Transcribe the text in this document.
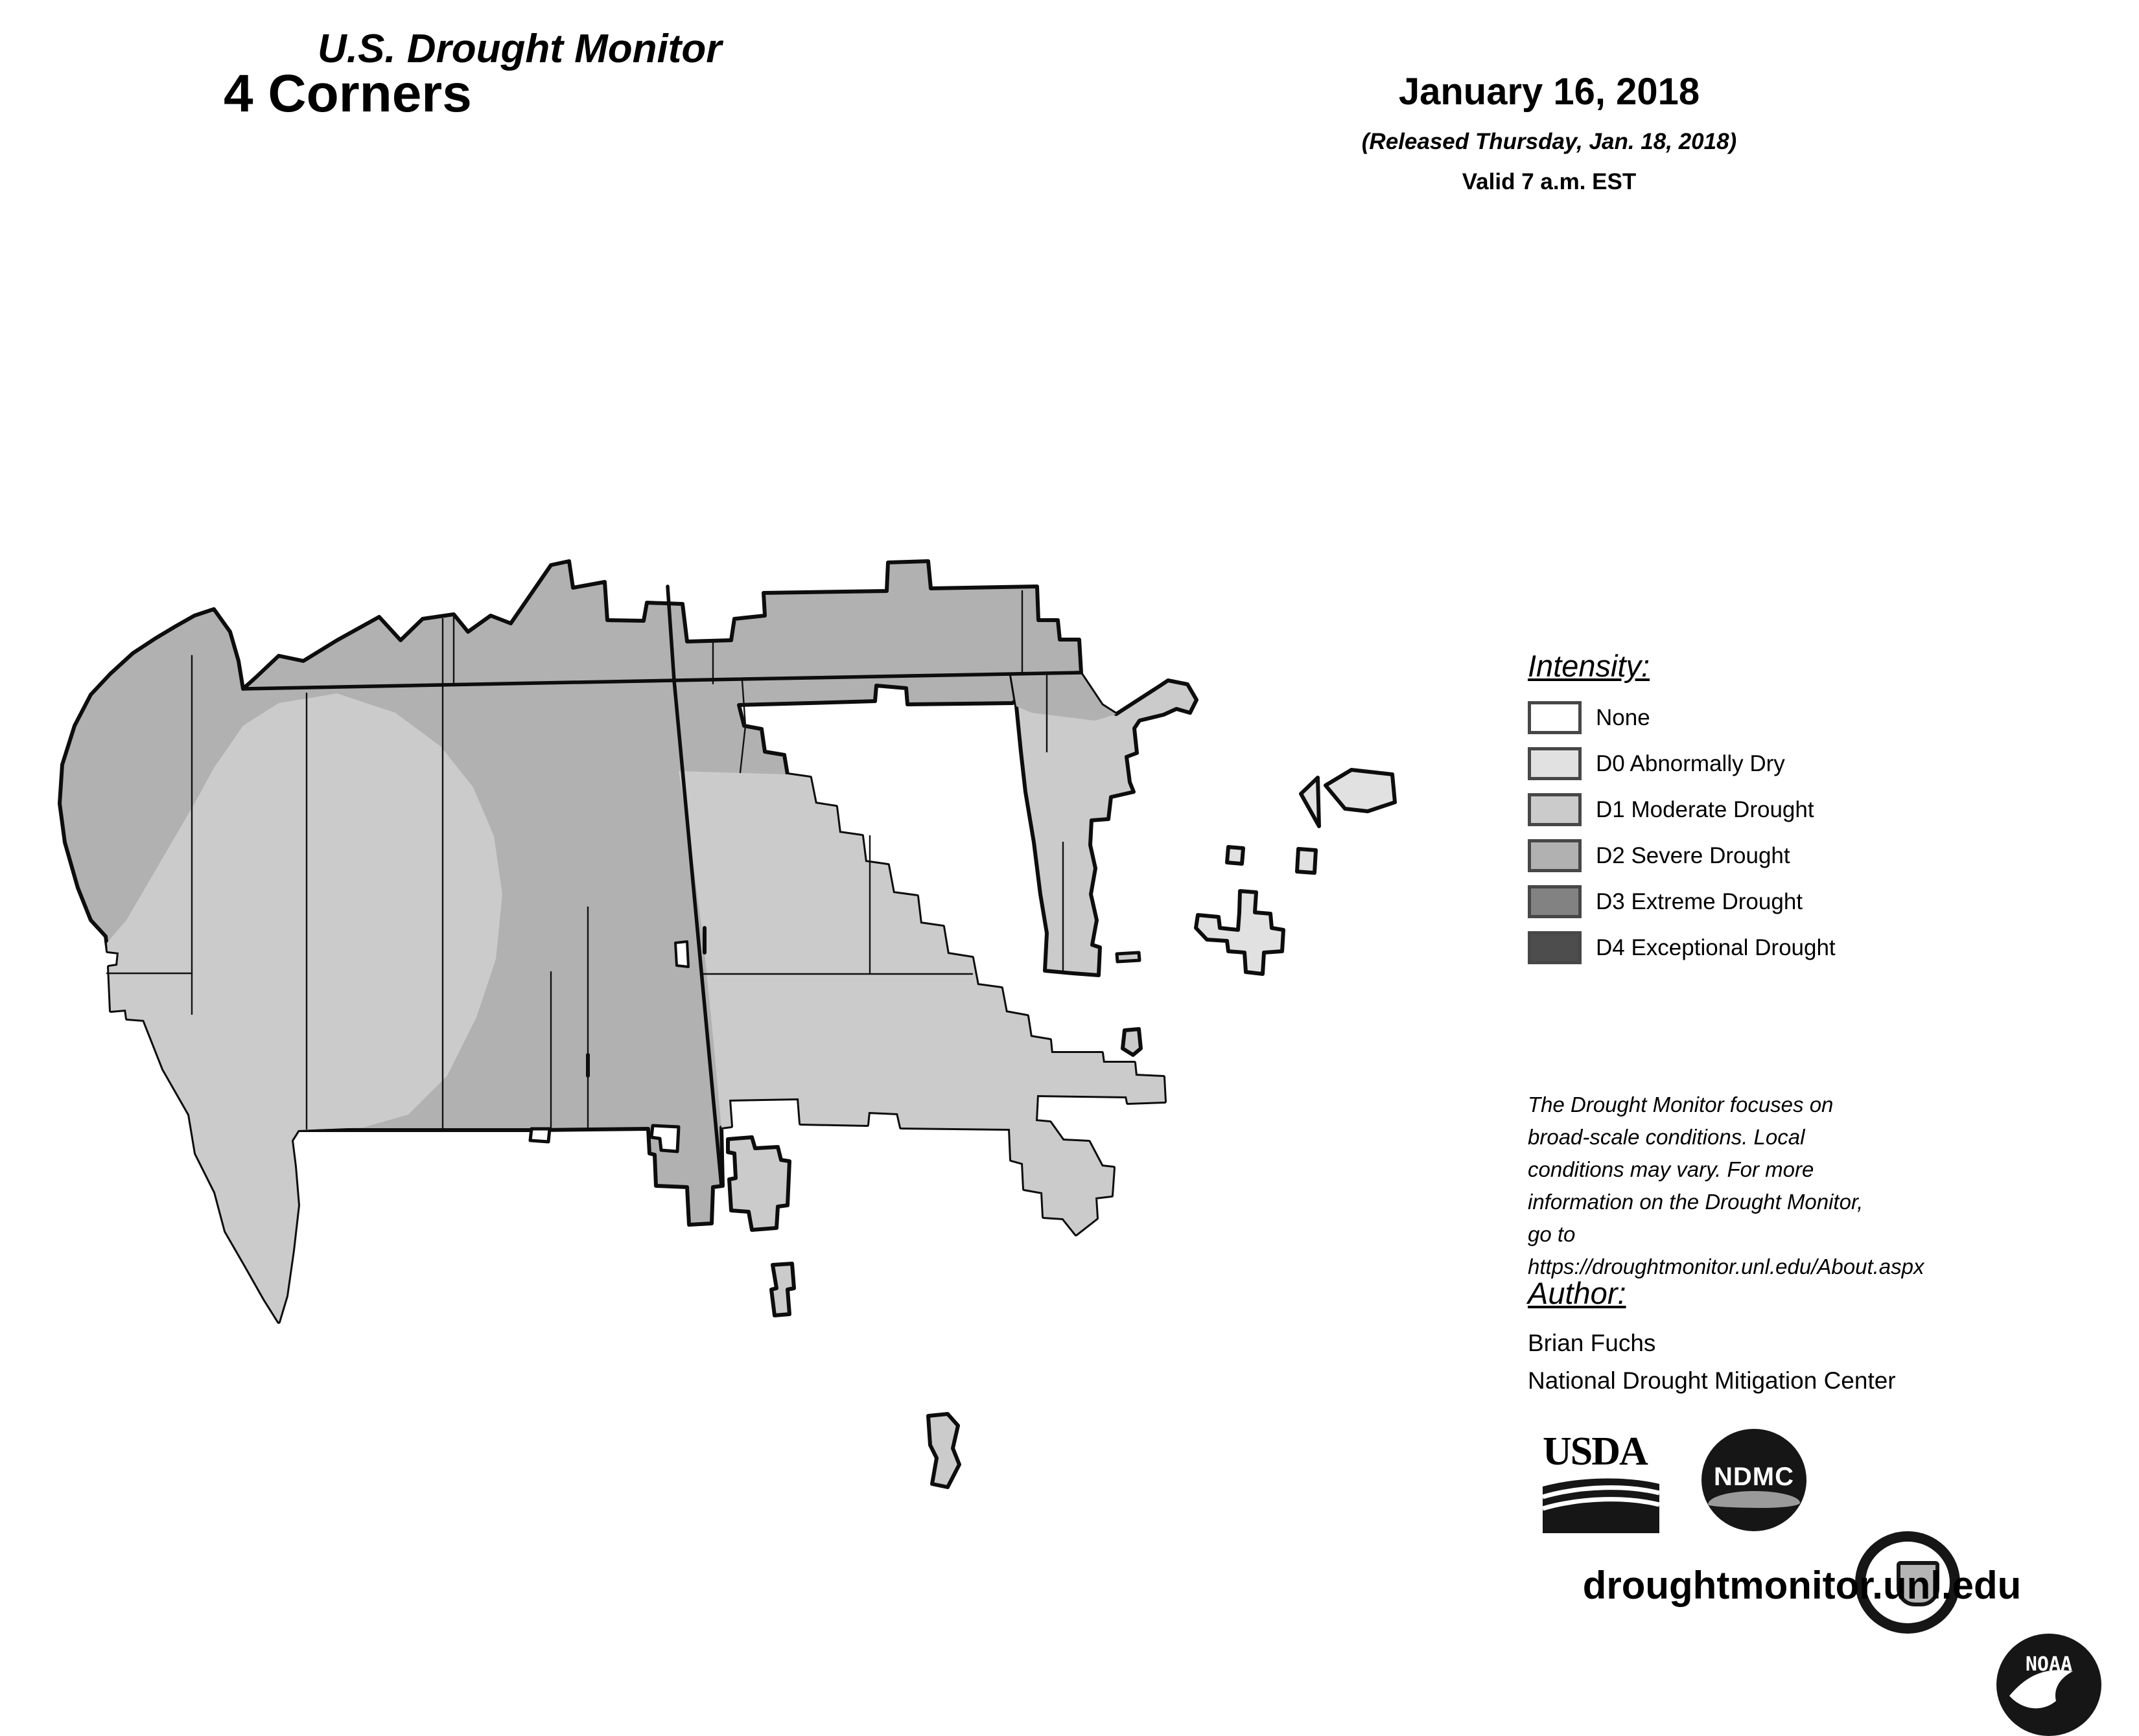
U.S. Drought Monitor
4 Corners	January 16, 2018
(Released Thursday, Jan. 18, 2018)
Valid 7 a.m. EST
Intensity:
None
D0 Abnormally Dry
D1 Moderate Drought
D2 Severe Drought
D3 Extreme Drought
D4 Exceptional Drought
The Drought Monitor focuses on broad-scale conditions. Local conditions may vary. For more information on the Drought Monitor, go to https://droughtmonitor.unl.edu/About.aspx
Author:
Brian Fuchs
National Drought Mitigation Center
USDA
NDMC
NOAA
droughtmonitor.unl.edu
